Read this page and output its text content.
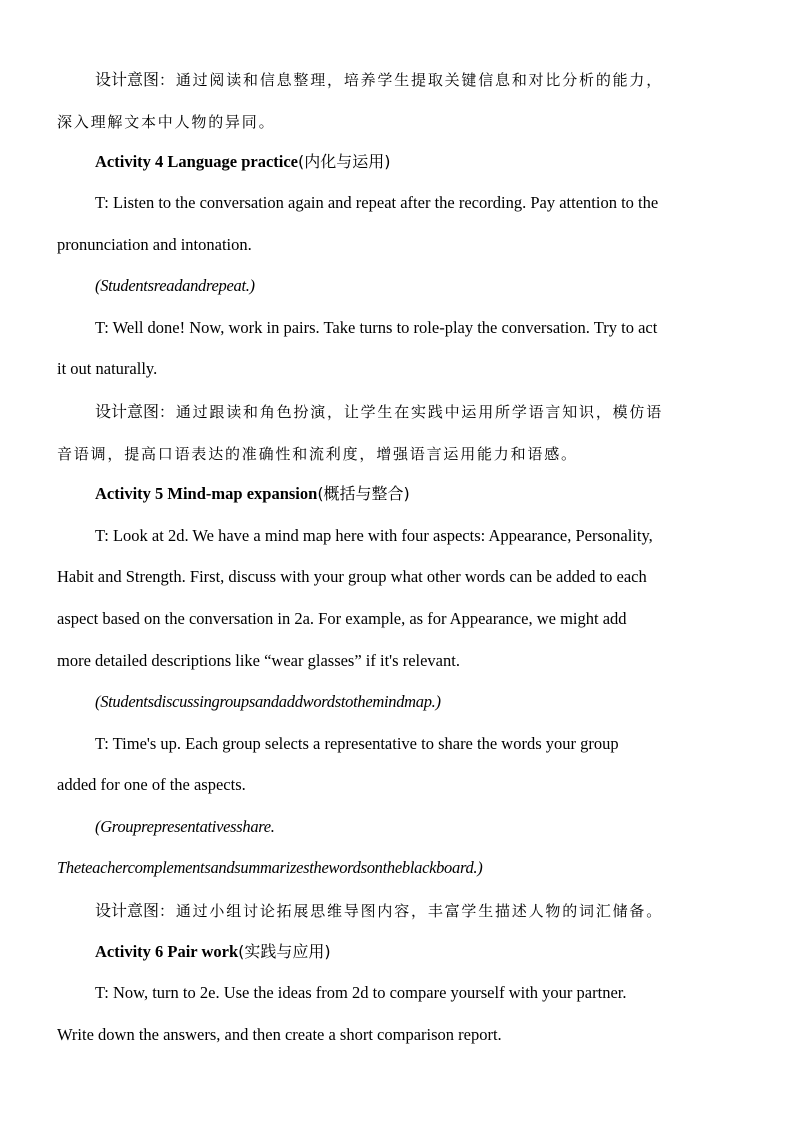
设计意图：通过阅读和信息整理，培养学生提取关键信息和对比分析的能力，
深入理解文本中人物的异同。
Activity 4 Language practice(内化与运用)
T: Listen to the conversation again and repeat after the recording. Pay attention to the
pronunciation and intonation.
(Studentsreadandrepeat.)
T: Well done! Now, work in pairs. Take turns to role-play the conversation. Try to act
it out naturally.
设计意图：通过跟读和角色扮演，让学生在实践中运用所学语言知识，模仿语
音语调，提高口语表达的准确性和流利度，增强语言运用能力和语感。
Activity 5 Mind-map expansion(概括与整合)
T: Look at 2d. We have a mind map here with four aspects: Appearance, Personality,
Habit and Strength. First, discuss with your group what other words can be added to each
aspect based on the conversation in 2a. For example, as for Appearance, we might add
more detailed descriptions like “wear glasses” if it's relevant.
(Studentsdiscussingroupsandaddwordstothemindmap.)
T: Time's up. Each group selects a representative to share the words your group
added for one of the aspects.
(Grouprepresentativesshare.
Theteachercomplementsandsummarizesthewordsontheblackboard.)
设计意图：通过小组讨论拓展思维导图内容，丰富学生描述人物的词汇储备。
Activity 6 Pair work(实践与应用)
T: Now, turn to 2e. Use the ideas from 2d to compare yourself with your partner.
Write down the answers, and then create a short comparison report.
